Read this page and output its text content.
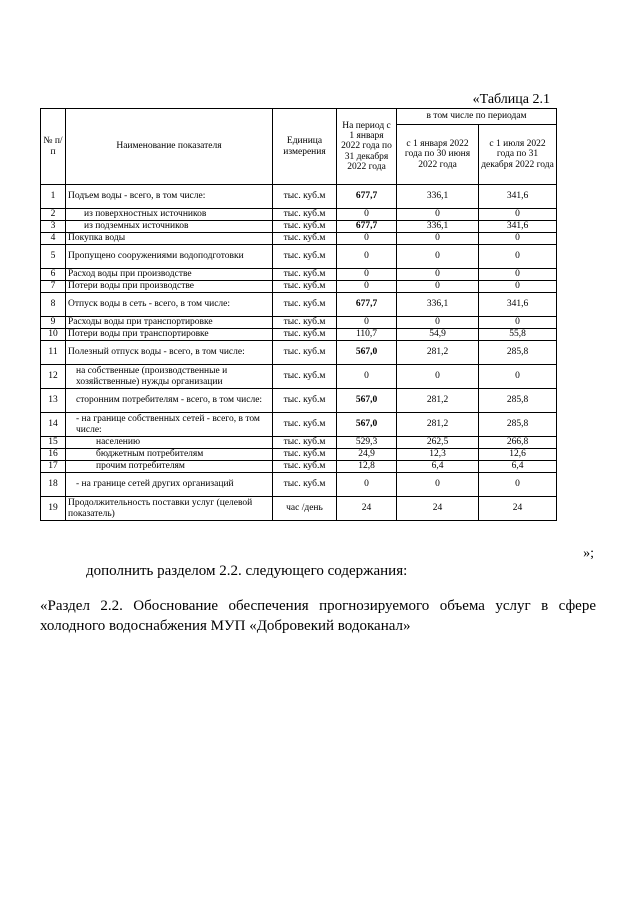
«Таблица 2.1
№ п/п	Наименование показателя	Единица измерения	На период с 1 января 2022 года по 31 декабря 2022 года	в том числе по периодам	
				с 1 января 2022 года по 30 июня 2022 года	с 1 июля 2022 года по 31 декабря 2022 года
1	Подъем воды - всего, в том числе:	тыс. куб.м	677,7	336,1	341,6
2	из поверхностных источников	тыс. куб.м	0	0	0
3	из подземных источников	тыс. куб.м	677,7	336,1	341,6
4	Покупка воды	тыс. куб.м	0	0	0
5	Пропущено сооружениями водоподготовки	тыс. куб.м	0	0	0
6	Расход воды при производстве	тыс. куб.м	0	0	0
7	Потери воды при производстве	тыс. куб.м	0	0	0
8	Отпуск воды в сеть - всего, в том числе:	тыс. куб.м	677,7	336,1	341,6
9	Расходы воды при транспортировке	тыс. куб.м	0	0	0
10	Потери воды при транспортировке	тыс. куб.м	110,7	54,9	55,8
11	Полезный отпуск воды - всего, в том числе:	тыс. куб.м	567,0	281,2	285,8
12	на собственные (производственные и хозяйственные) нужды организации	тыс. куб.м	0	0	0
13	сторонним потребителям - всего, в том числе:	тыс. куб.м	567,0	281,2	285,8
14	- на границе собственных сетей - всего, в том числе:	тыс. куб.м	567,0	281,2	285,8
15	населению	тыс. куб.м	529,3	262,5	266,8
16	бюджетным потребителям	тыс. куб.м	24,9	12,3	12,6
17	прочим потребителям	тыс. куб.м	12,8	6,4	6,4
18	- на границе сетей других организаций	тыс. куб.м	0	0	0
19	Продолжительность поставки услуг (целевой показатель)	час /день	24	24	24
»;
дополнить разделом 2.2. следующего содержания:
«Раздел 2.2. Обоснование обеспечения прогнозируемого объема услуг в сфере холодного водоснабжения МУП «Добровекий водоканал»
